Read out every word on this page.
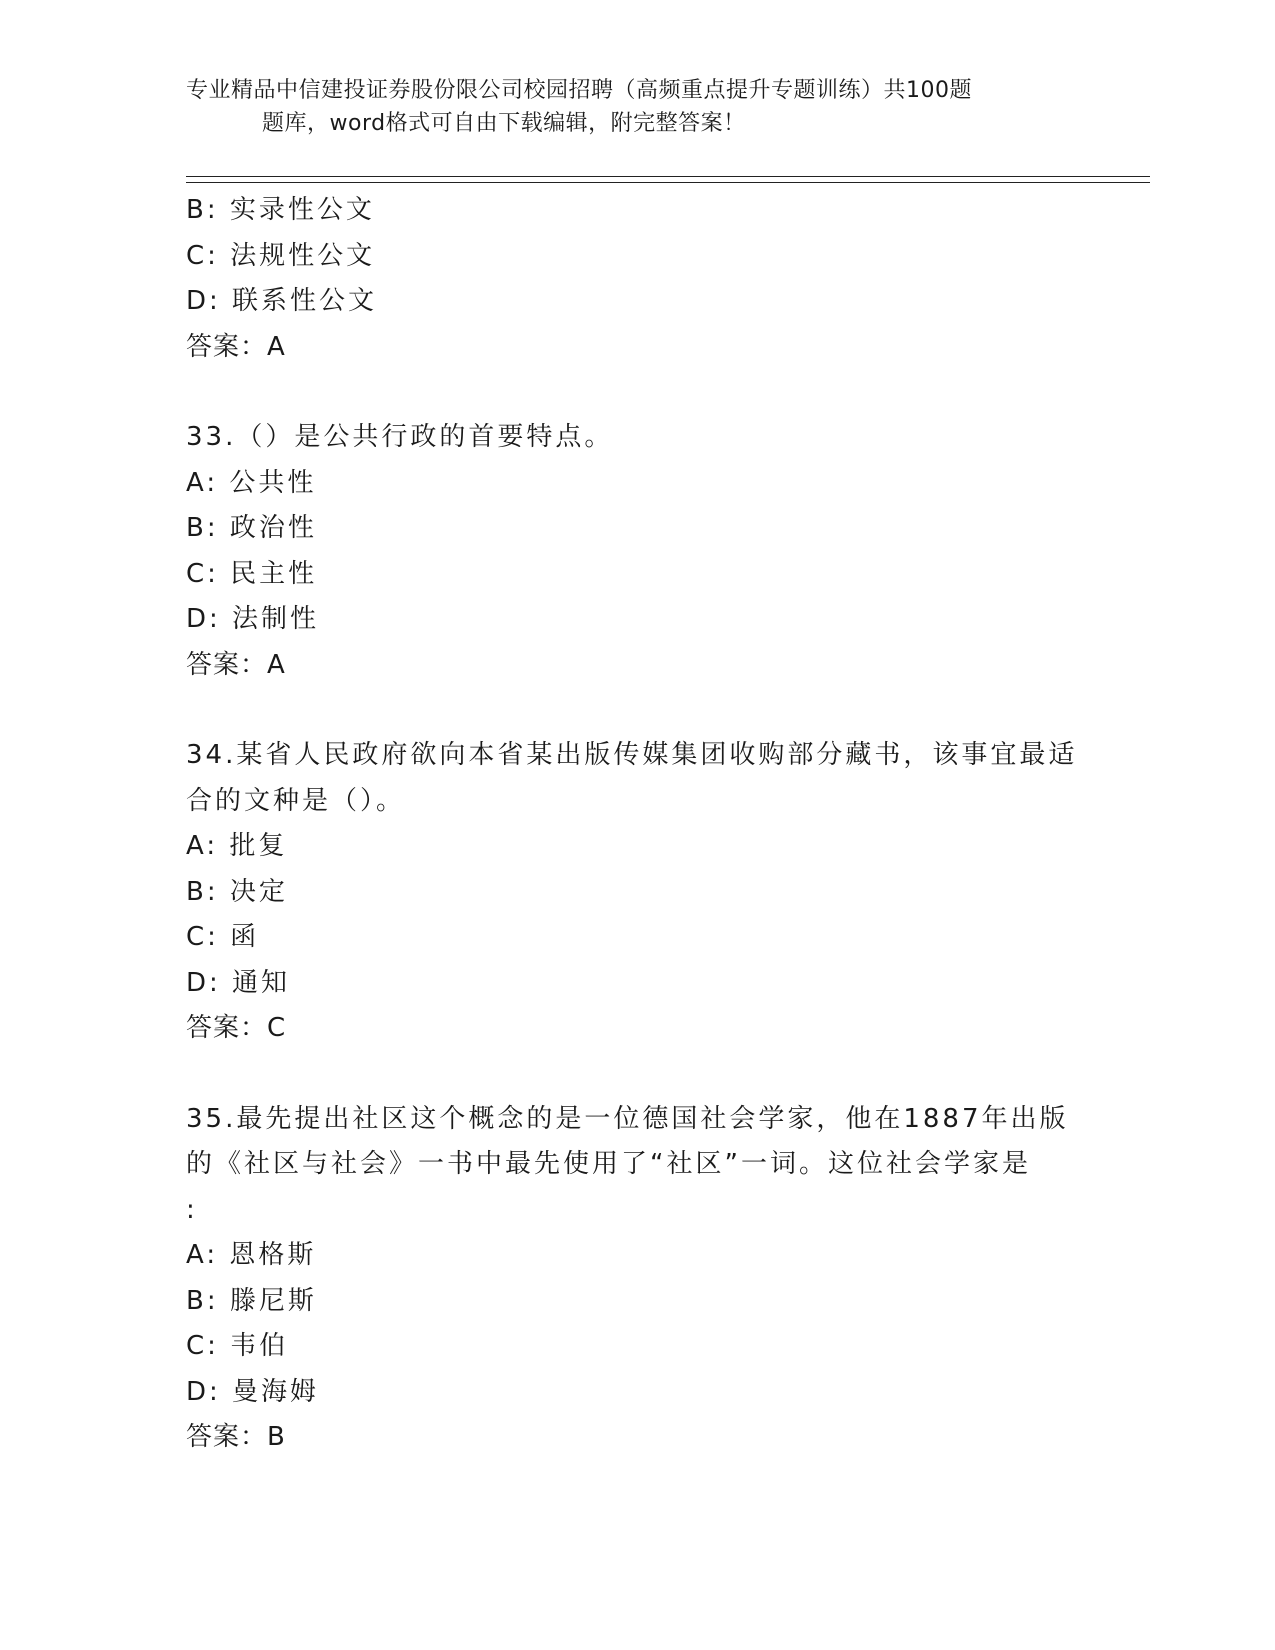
专业精品中信建投证券股份限公司校园招聘（高频重点提升专题训练）共100题
题库，word格式可自由下载编辑，附完整答案！
B: 实录性公文
C: 法规性公文
D: 联系性公文
答案：A
33.（）是公共行政的首要特点。
A: 公共性
B: 政治性
C: 民主性
D: 法制性
答案：A
34.某省人民政府欲向本省某出版传媒集团收购部分藏书，该事宜最适
合的文种是（）。
A: 批复
B: 决定
C: 函
D: 通知
答案：C
35.最先提出社区这个概念的是一位德国社会学家，他在1887年出版
的《社区与社会》一书中最先使用了“社区”一词。这位社会学家是
:
A: 恩格斯
B: 滕尼斯
C: 韦伯
D: 曼海姆
答案：B
